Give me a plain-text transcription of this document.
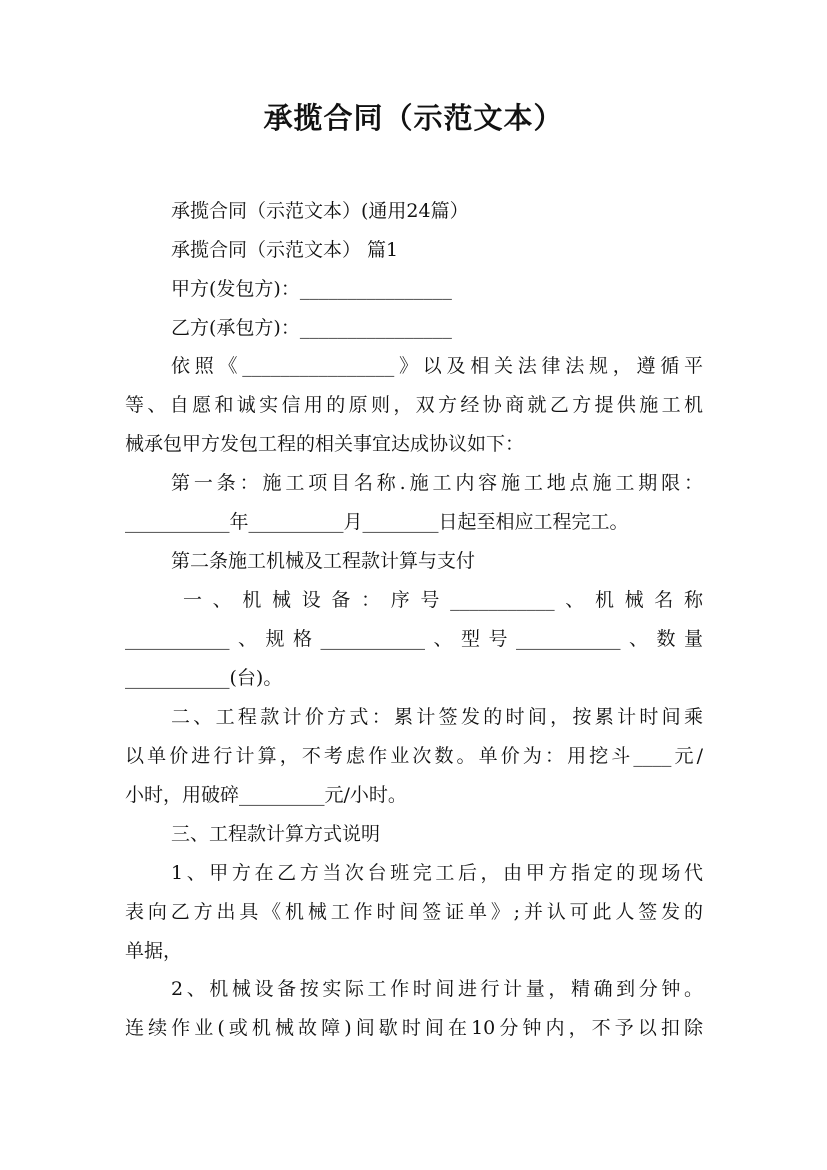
承揽合同（示范文本）
承揽合同（示范文本）(通用24篇）
承揽合同（示范文本） 篇1
甲方(发包方)：________________
乙方(承包方)：________________
依照《________________》以及相关法律法规，遵循平
等、自愿和诚实信用的原则，双方经协商就乙方提供施工机
械承包甲方发包工程的相关事宜达成协议如下：
第一条：施工项目名称.施工内容施工地点施工期限：
___________年__________月________日起至相应工程完工。
第二条施工机械及工程款计算与支付
一、机械设备：序号___________、机械名称
___________、规格___________、型号___________、数量
___________(台)。
二、工程款计价方式：累计签发的时间，按累计时间乘
以单价进行计算，不考虑作业次数。单价为：用挖斗____元/
小时，用破碎_________元/小时。
三、工程款计算方式说明
1、甲方在乙方当次台班完工后，由甲方指定的现场代
表向乙方出具《机械工作时间签证单》;并认可此人签发的
单据，
2、机械设备按实际工作时间进行计量，精确到分钟。
连续作业(或机械故障)间歇时间在10分钟内，不予以扣除
